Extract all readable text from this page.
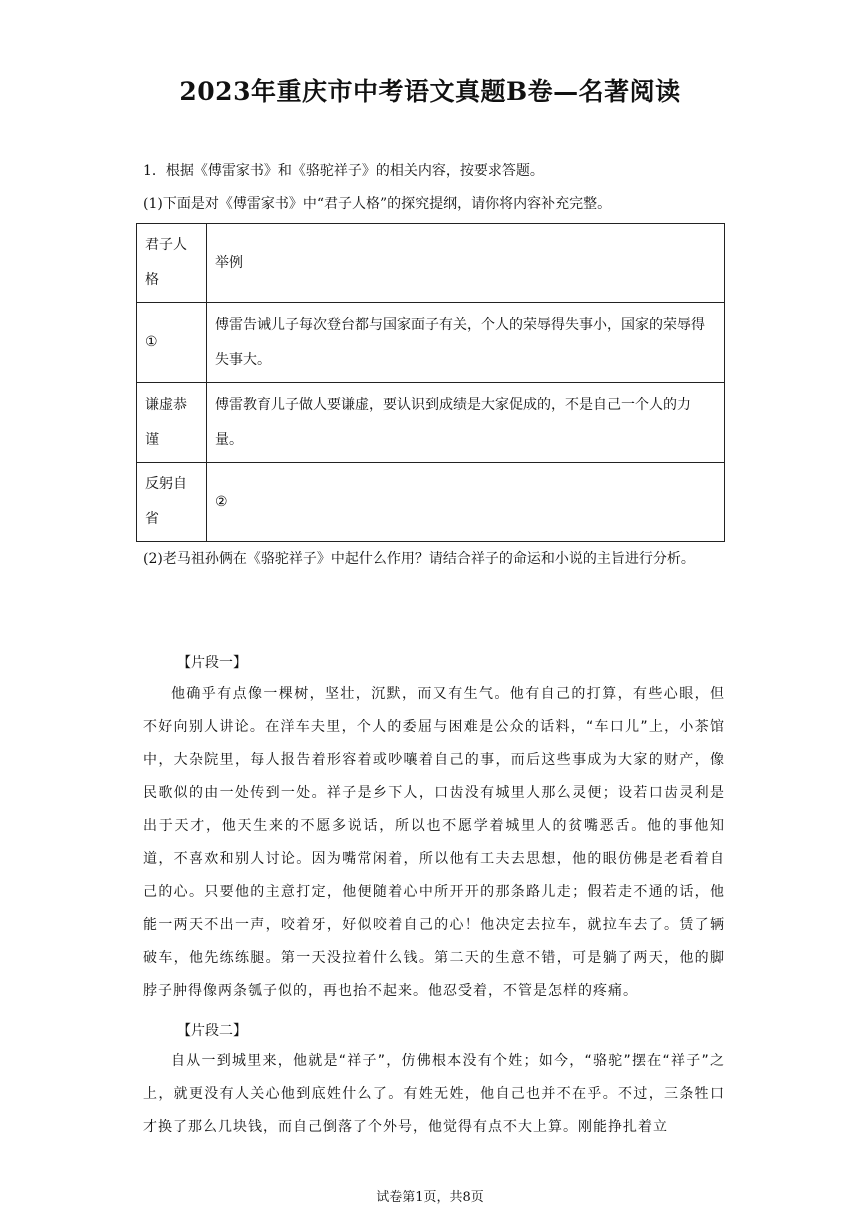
2023年重庆市中考语文真题B卷—名著阅读
1．根据《傅雷家书》和《骆驼祥子》的相关内容，按要求答题。
(1)下面是对《傅雷家书》中“君子人格”的探究提纲，请你将内容补充完整。
君子人格	举例
①	傅雷告诫儿子每次登台都与国家面子有关，个人的荣辱得失事小，国家的荣辱得失事大。
谦虚恭谨	傅雷教育儿子做人要谦虚，要认识到成绩是大家促成的，不是自己一个人的力量。
反躬自省	②
(2)老马祖孙俩在《骆驼祥子》中起什么作用？请结合祥子的命运和小说的主旨进行分析。
【片段一】
他确乎有点像一棵树，坚壮，沉默，而又有生气。他有自己的打算，有些心眼，但不好向别人讲论。在洋车夫里，个人的委屈与困难是公众的话料，“车口儿”上，小茶馆中，大杂院里，每人报告着形容着或吵嚷着自己的事，而后这些事成为大家的财产，像民歌似的由一处传到一处。祥子是乡下人，口齿没有城里人那么灵便；设若口齿灵利是出于天才，他天生来的不愿多说话，所以也不愿学着城里人的贫嘴恶舌。他的事他知道，不喜欢和别人讨论。因为嘴常闲着，所以他有工夫去思想，他的眼仿佛是老看着自己的心。只要他的主意打定，他便随着心中所开开的那条路儿走；假若走不通的话，他能一两天不出一声，咬着牙，好似咬着自己的心！他决定去拉车，就拉车去了。赁了辆破车，他先练练腿。第一天没拉着什么钱。第二天的生意不错，可是躺了两天，他的脚脖子肿得像两条瓠子似的，再也抬不起来。他忍受着，不管是怎样的疼痛。
【片段二】
自从一到城里来，他就是“祥子”，仿佛根本没有个姓；如今，“骆驼”摆在“祥子”之上，就更没有人关心他到底姓什么了。有姓无姓，他自己也并不在乎。不过，三条牲口才换了那么几块钱，而自己倒落了个外号，他觉得有点不大上算。刚能挣扎着立
试卷第1页，共8页
